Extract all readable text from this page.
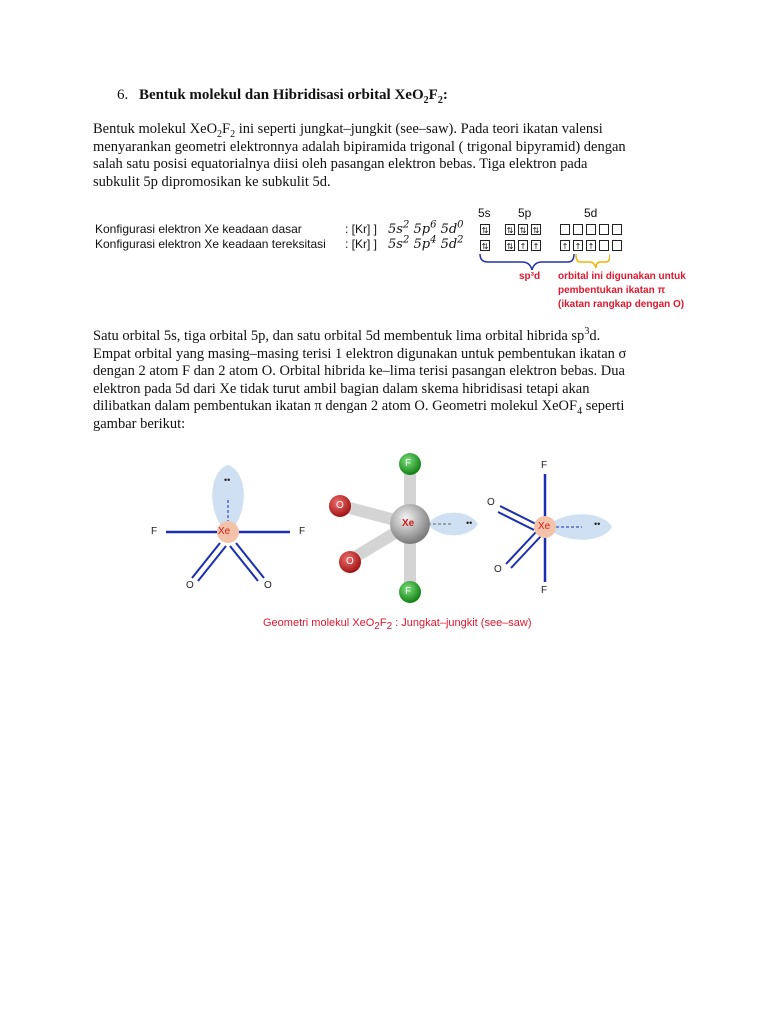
6. Bentuk molekul dan Hibridisasi orbital $XeO_2F_2$:
Bentuk molekul $XeO_2F_2$ ini seperti jungkat–jungkit (see–saw). Pada teori ikatan valensi
menyarankan geometri elektronnya adalah bipiramida trigonal ( trigonal bipyramid) dengan
salah satu posisi equatorialnya diisi oleh pasangan elektron bebas. Tiga elektron pada
subkulit 5p dipromosikan ke subkulit 5d.
Konfigurasi elektron Xe keadaan dasar	: [Kr] ] $5s^2$ $5p^6$ $5d^0$
Konfigurasi elektron Xe keadaan tereksitasi : [Kr] ] $5s^2$ $5p^4$ $5d^2$
5s 5p	5d
⇅ ⇅ ⇅ ⇅
⇅ ⇅ ↑ ↑	↑ ↑ ↑
sp³d orbital ini digunakan untuk
pembentukan ikatan π
(ikatan rangkap dengan O)
Satu orbital 5s, tiga orbital 5p, dan satu orbital 5d membentuk lima orbital hibrida $sp^3d$.
Empat orbital yang masing–masing terisi 1 elektron digunakan untuk pembentukan ikatan σ
dengan 2 atom F dan 2 atom O. Orbital hibrida ke–lima terisi pasangan elektron bebas. Dua
elektron pada 5d dari Xe tidak turut ambil bagian dalam skema hibridisasi tetapi akan
dilibatkan dalam pembentukan ikatan π dengan 2 atom O. Geometri molekul XeOF$_4$ seperti
gambar berikut:
Xe
••
F	F
O	O
F
F
O
O
Xe	••	Xe	••
F
F
O
O
Geometri molekul $XeO_2F_2$ : Jungkat–jungkit (see–saw)
